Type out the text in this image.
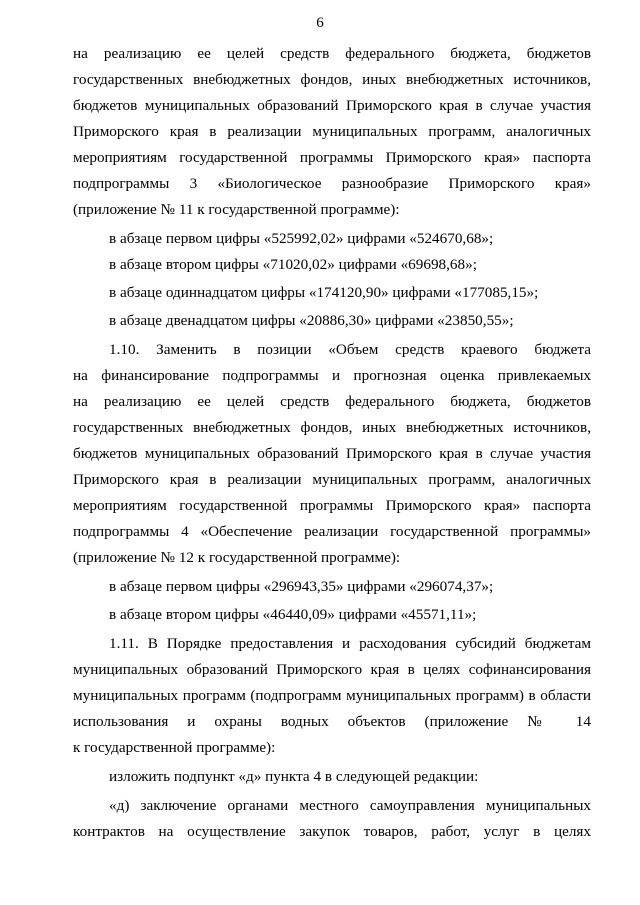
6
на реализацию ее целей средств федерального бюджета, бюджетов
государственных внебюджетных фондов, иных внебюджетных источников,
бюджетов муниципальных образований Приморского края в случае участия
Приморского края в реализации муниципальных программ, аналогичных
мероприятиям государственной программы Приморского края» паспорта
подпрограммы 3 «Биологическое разнообразие Приморского края»
(приложение № 11 к государственной программе):
в абзаце первом цифры «525992,02» цифрами «524670,68»;
в абзаце втором цифры «71020,02» цифрами «69698,68»;
в абзаце одиннадцатом цифры «174120,90» цифрами «177085,15»;
в абзаце двенадцатом цифры «20886,30» цифрами «23850,55»;
1.10. Заменить в позиции «Объем средств краевого бюджета
на финансирование подпрограммы и прогнозная оценка привлекаемых
на реализацию ее целей средств федерального бюджета, бюджетов
государственных внебюджетных фондов, иных внебюджетных источников,
бюджетов муниципальных образований Приморского края в случае участия
Приморского края в реализации муниципальных программ, аналогичных
мероприятиям государственной программы Приморского края» паспорта
подпрограммы 4 «Обеспечение реализации государственной программы»
(приложение № 12 к государственной программе):
в абзаце первом цифры «296943,35» цифрами «296074,37»;
в абзаце втором цифры «46440,09» цифрами «45571,11»;
1.11. В Порядке предоставления и расходования субсидий бюджетам
муниципальных образований Приморского края в целях софинансирования
муниципальных программ (подпрограмм муниципальных программ) в области
использования и охраны водных объектов (приложение № 14
к государственной программе):
изложить подпункт «д» пункта 4 в следующей редакции:
«д) заключение органами местного самоуправления муниципальных
контрактов на осуществление закупок товаров, работ, услуг в целях
